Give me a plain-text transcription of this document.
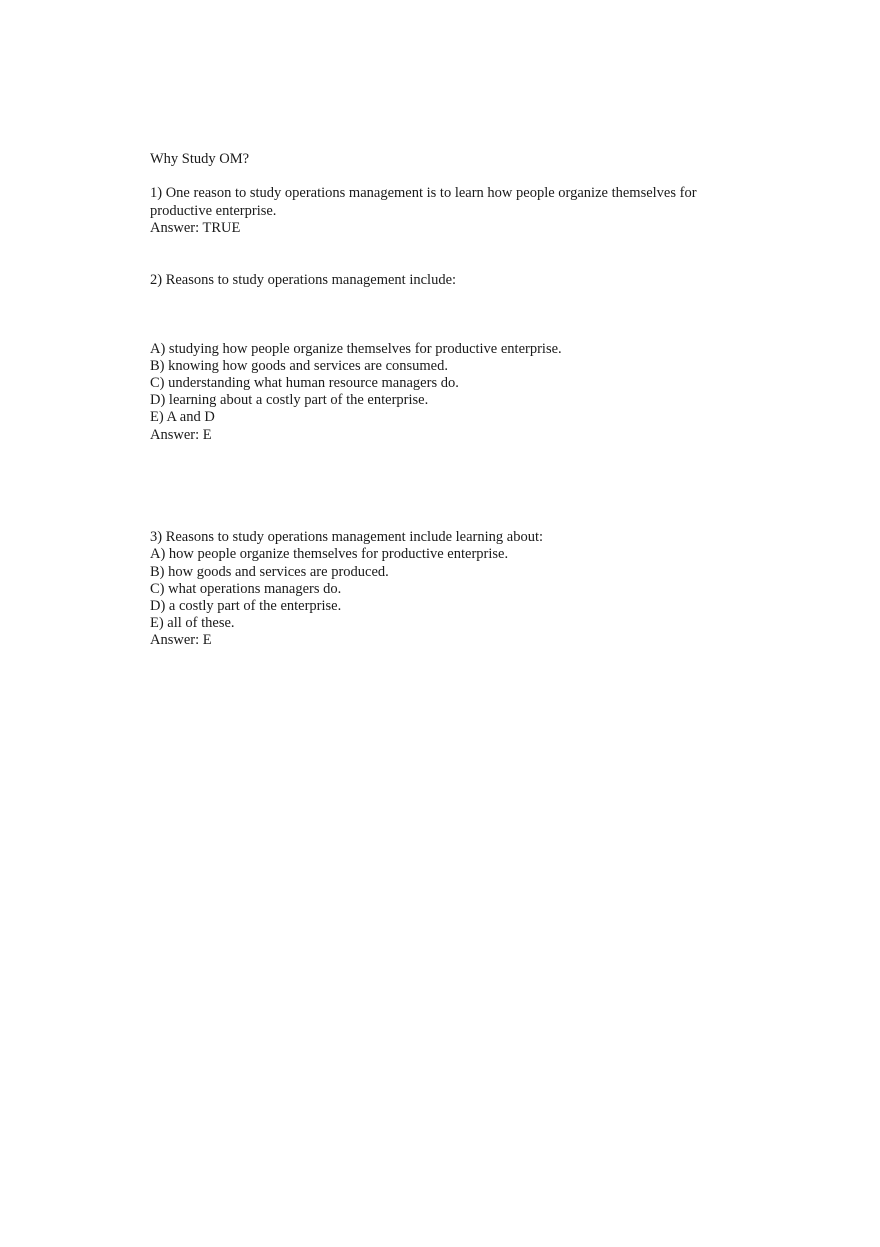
Why Study OM?
1) One reason to study operations management is to learn how people organize themselves for
productive enterprise.
Answer: TRUE
2) Reasons to study operations management include:
A) studying how people organize themselves for productive enterprise.
B) knowing how goods and services are consumed.
C) understanding what human resource managers do.
D) learning about a costly part of the enterprise.
E) A and D
Answer: E
3) Reasons to study operations management include learning about:
A) how people organize themselves for productive enterprise.
B) how goods and services are produced.
C) what operations managers do.
D) a costly part of the enterprise.
E) all of these.
Answer: E
